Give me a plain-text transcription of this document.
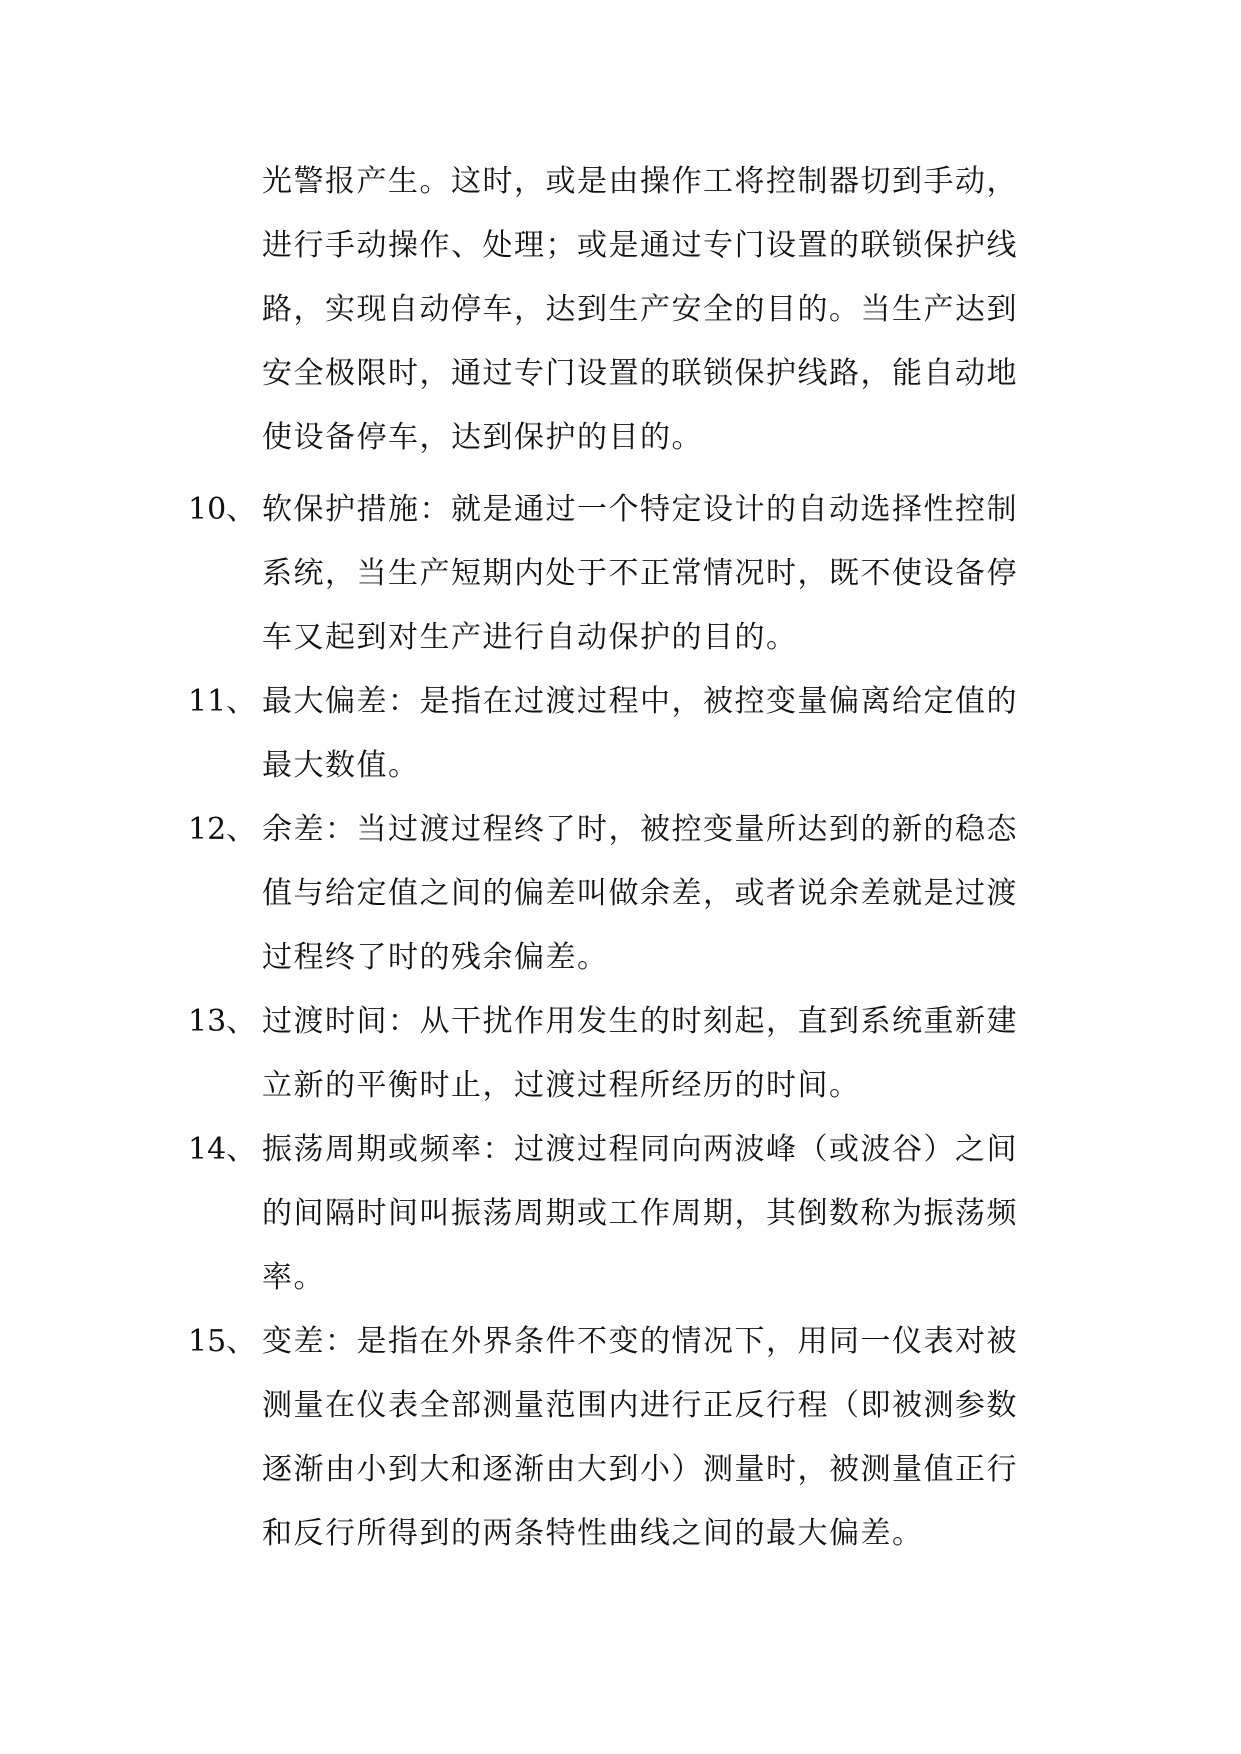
光警报产生。这时，或是由操作工将控制器切到手动，
进行手动操作、处理；或是通过专门设置的联锁保护线
路，实现自动停车，达到生产安全的目的。当生产达到
安全极限时，通过专门设置的联锁保护线路，能自动地
使设备停车，达到保护的目的。
10、 软保护措施：就是通过一个特定设计的自动选择性控制
系统，当生产短期内处于不正常情况时，既不使设备停
车又起到对生产进行自动保护的目的。
11、 最大偏差：是指在过渡过程中，被控变量偏离给定值的
最大数值。
12、 余差：当过渡过程终了时，被控变量所达到的新的稳态
值与给定值之间的偏差叫做余差，或者说余差就是过渡
过程终了时的残余偏差。
13、 过渡时间：从干扰作用发生的时刻起，直到系统重新建
立新的平衡时止，过渡过程所经历的时间。
14、 振荡周期或频率：过渡过程同向两波峰（或波谷）之间
的间隔时间叫振荡周期或工作周期，其倒数称为振荡频
率。
15、 变差：是指在外界条件不变的情况下，用同一仪表对被
测量在仪表全部测量范围内进行正反行程（即被测参数
逐渐由小到大和逐渐由大到小）测量时，被测量值正行
和反行所得到的两条特性曲线之间的最大偏差。
